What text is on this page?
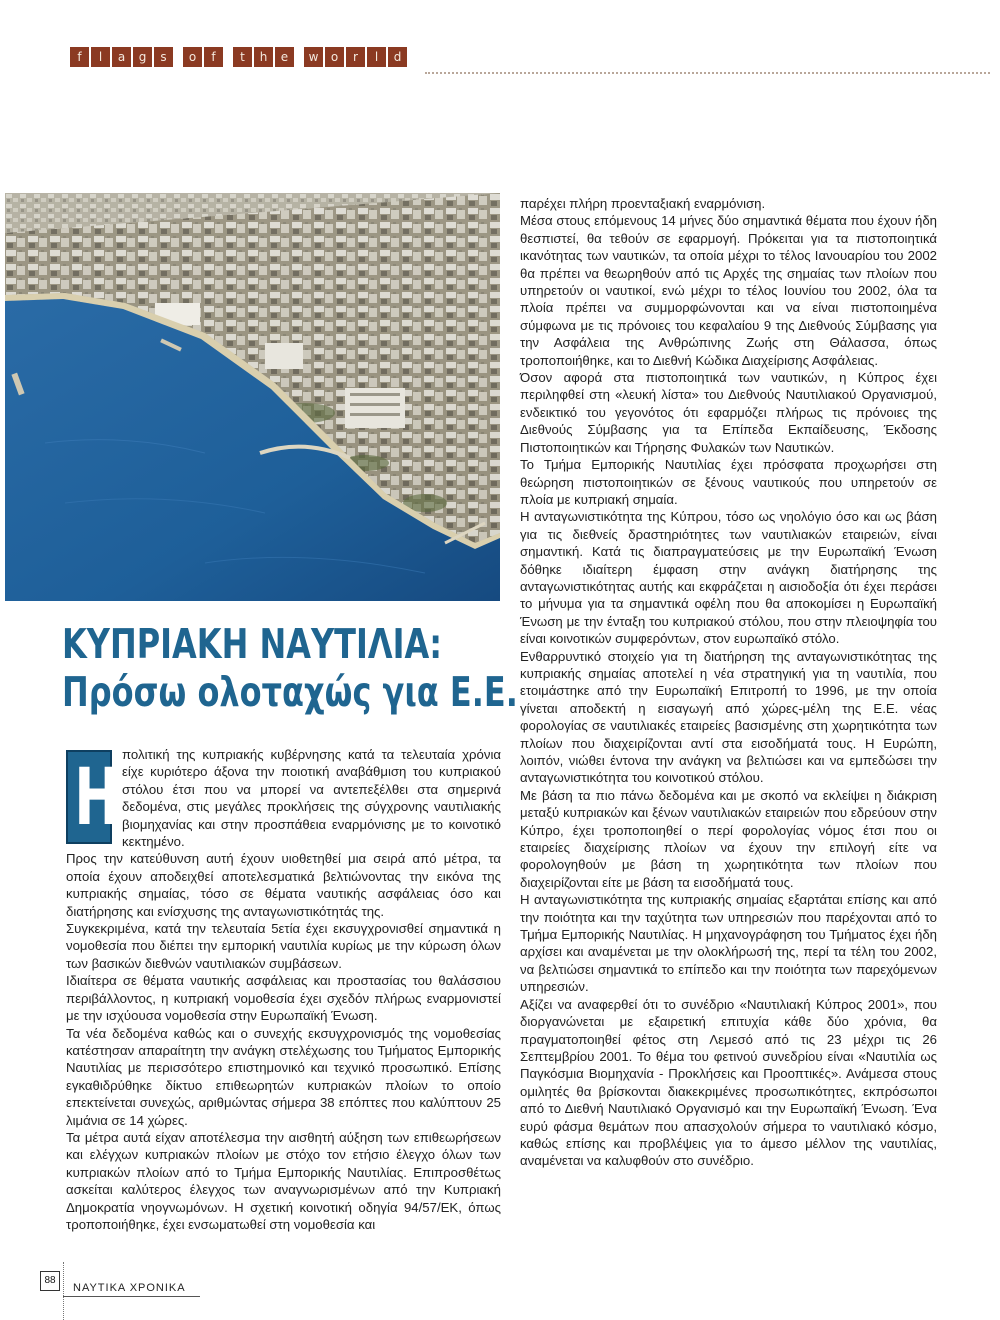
f	l	a	g	s	o	f	t	h	e	w	o	r	l	d
ΚΥΠΡΙΑΚΗ ΝΑΥΤΙΛΙΑ:
Πρόσω ολοταχώς για Ε.Ε.
Η πολιτική της κυπριακής κυβέρνησης κατά τα τελευταία χρόνια είχε κυριότερο άξονα την ποιοτική αναβάθμιση του κυπριακού στόλου έτσι που να μπορεί να αντεπεξέλθει στα σημερινά δεδομένα, στις μεγάλες προκλήσεις της σύγχρονης ναυτιλιακής βιομηχανίας και στην προσπάθεια εναρμόνισης με το κοινοτικό κεκτημένο.

Προς την κατεύθυνση αυτή έχουν υιοθετηθεί μια σειρά από μέτρα, τα οποία έχουν αποδειχθεί αποτελεσματικά βελτιώνοντας την εικόνα της κυπριακής σημαίας, τόσο σε θέματα ναυτικής ασφάλειας όσο και διατήρησης και ενίσχυσης της ανταγωνιστικότητάς της.

Συγκεκριμένα, κατά την τελευταία 5ετία έχει εκσυγχρονισθεί σημαντικά η νομοθεσία που διέπει την εμπορική ναυτιλία κυρίως με την κύρωση όλων των βασικών διεθνών ναυτιλιακών συμβάσεων.

Ιδιαίτερα σε θέματα ναυτικής ασφάλειας και προστασίας του θαλάσσιου περιβάλλοντος, η κυπριακή νομοθεσία έχει σχεδόν πλήρως εναρμονιστεί με την ισχύουσα νομοθεσία στην Ευρωπαϊκή Ένωση.

Τα νέα δεδομένα καθώς και ο συνεχής εκσυγχρονισμός της νομοθεσίας κατέστησαν απαραίτητη την ανάγκη στελέχωσης του Τμήματος Εμπορικής Ναυτιλίας με περισσότερο επιστημονικό και τεχνικό προσωπικό. Επίσης εγκαθιδρύθηκε δίκτυο επιθεωρητών κυπριακών πλοίων το οποίο επεκτείνεται συνεχώς, αριθμώντας σήμερα 38 επόπτες που καλύπτουν 25 λιμάνια σε 14 χώρες.

Τα μέτρα αυτά είχαν αποτέλεσμα την αισθητή αύξηση των επιθεωρήσεων και ελέγχων κυπριακών πλοίων με στόχο τον ετήσιο έλεγχο όλων των κυπριακών πλοίων από το Τμήμα Εμπορικής Ναυτιλίας. Επιπροσθέτως ασκείται καλύτερος έλεγχος των αναγνωρισμένων από την Κυπριακή Δημοκρατία νηογνωμόνων. Η σχετική κοινοτική οδηγία 94/57/ΕΚ, όπως τροποποιήθηκε, έχει ενσωματωθεί στη νομοθεσία και

παρέχει πλήρη προενταξιακή εναρμόνιση.

Μέσα στους επόμενους 14 μήνες δύο σημαντικά θέματα που έχουν ήδη θεσπιστεί, θα τεθούν σε εφαρμογή. Πρόκειται για τα πιστοποιητικά ικανότητας των ναυτικών, τα οποία μέχρι το τέλος Ιανουαρίου του 2002 θα πρέπει να θεωρηθούν από τις Αρχές της σημαίας των πλοίων που υπηρετούν οι ναυτικοί, ενώ μέχρι το τέλος Ιουνίου του 2002, όλα τα πλοία πρέπει να συμμορφώνονται και να είναι πιστοποιημένα σύμφωνα με τις πρόνοιες του κεφαλαίου 9 της Διεθνούς Σύμβασης για την Ασφάλεια της Ανθρώπινης Ζωής στη Θάλασσα, όπως τροποποιήθηκε, και το Διεθνή Κώδικα Διαχείρισης Ασφάλειας.

Όσον αφορά στα πιστοποιητικά των ναυτικών, η Κύπρος έχει περιληφθεί στη «λευκή λίστα» του Διεθνούς Ναυτιλιακού Οργανισμού, ενδεικτικό του γεγονότος ότι εφαρμόζει πλήρως τις πρόνοιες της Διεθνούς Σύμβασης για τα Επίπεδα Εκπαίδευσης, Έκδοσης Πιστοποιητικών και Τήρησης Φυλακών των Ναυτικών.

Το Τμήμα Εμπορικής Ναυτιλίας έχει πρόσφατα προχωρήσει στη θεώρηση πιστοποιητικών σε ξένους ναυτικούς που υπηρετούν σε πλοία με κυπριακή σημαία.

Η ανταγωνιστικότητα της Κύπρου, τόσο ως νηολόγιο όσο και ως βάση για τις διεθνείς δραστηριότητες των ναυτιλιακών εταιρειών, είναι σημαντική. Κατά τις διαπραγματεύσεις με την Ευρωπαϊκή Ένωση δόθηκε ιδιαίτερη έμφαση στην ανάγκη διατήρησης της ανταγωνιστικότητας αυτής και εκφράζεται η αισιοδοξία ότι έχει περάσει το μήνυμα για τα σημαντικά οφέλη που θα αποκομίσει η Ευρωπαϊκή Ένωση με την ένταξη του κυπριακού στόλου, που στην πλειοψηφία του είναι κοινοτικών συμφερόντων, στον ευρωπαϊκό στόλο.

Ενθαρρυντικό στοιχείο για τη διατήρηση της ανταγωνιστικότητας της κυπριακής σημαίας αποτελεί η νέα στρατηγική για τη ναυτιλία, που ετοιμάστηκε από την Ευρωπαϊκή Επιτροπή το 1996, με την οποία γίνεται αποδεκτή η εισαγωγή από χώρες-μέλη της Ε.Ε. νέας φορολογίας σε ναυτιλιακές εταιρείες βασισμένης στη χωρητικότητα των πλοίων που διαχειρίζονται αντί στα εισοδήματά τους. Η Ευρώπη, λοιπόν, νιώθει έντονα την ανάγκη να βελτιώσει και να εμπεδώσει την ανταγωνιστικότητα του κοινοτικού στόλου.

Με βάση τα πιο πάνω δεδομένα και με σκοπό να εκλείψει η διάκριση μεταξύ κυπριακών και ξένων ναυτιλιακών εταιρειών που εδρεύουν στην Κύπρο, έχει τροποποιηθεί ο περί φορολογίας νόμος έτσι που οι εταιρείες διαχείρισης πλοίων να έχουν την επιλογή είτε να φορολογηθούν με βάση τη χωρητικότητα των πλοίων που διαχειρίζονται είτε με βάση τα εισοδήματά τους.

Η ανταγωνιστικότητα της κυπριακής σημαίας εξαρτάται επίσης και από την ποιότητα και την ταχύτητα των υπηρεσιών που παρέχονται από το Τμήμα Εμπορικής Ναυτιλίας. Η μηχανογράφηση του Τμήματος έχει ήδη αρχίσει και αναμένεται με την ολοκλήρωσή της, περί τα τέλη του 2002, να βελτιώσει σημαντικά το επίπεδο και την ποιότητα των παρεχόμενων υπηρεσιών.

Αξίζει να αναφερθεί ότι το συνέδριο «Ναυτιλιακή Κύπρος 2001», που διοργανώνεται με εξαιρετική επιτυχία κάθε δύο χρόνια, θα πραγματοποιηθεί φέτος στη Λεμεσό από τις 23 μέχρι τις 26 Σεπτεμβρίου 2001. Το θέμα του φετινού συνεδρίου είναι «Ναυτιλία ως Παγκόσμια Βιομηχανία - Προκλήσεις και Προοπτικές». Ανάμεσα στους ομιλητές θα βρίσκονται διακεκριμένες προσωπικότητες, εκπρόσωποι από το Διεθνή Ναυτιλιακό Οργανισμό και την Ευρωπαϊκή Ένωση. Ένα ευρύ φάσμα θεμάτων που απασχολούν σήμερα το ναυτιλιακό κόσμο, καθώς επίσης και προβλέψεις για το άμεσο μέλλον της ναυτιλίας, αναμένεται να καλυφθούν στο συνέδριο.

88
ΝΑΥΤΙΚΑ ΧΡΟΝΙΚΑ
